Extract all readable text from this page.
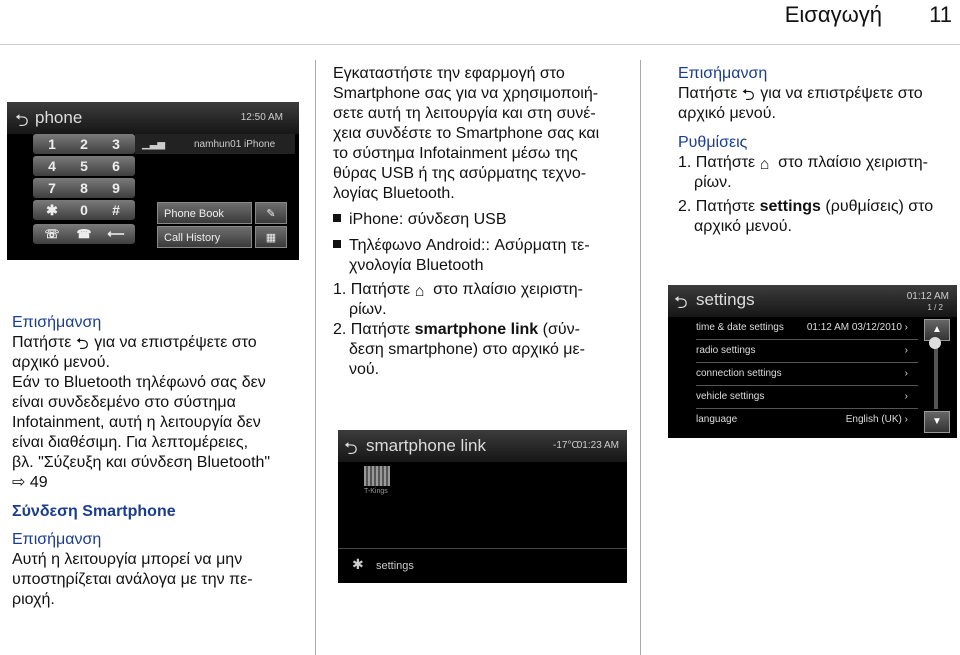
Εισαγωγή 11
⮌ phone	12:50 AM
1	2	3
4	5	6
7	8	9
✱	0	#
☏	☎	⟵
▁▃▅	namhun01 iPhone
Phone Book	✎
Call History	▦

Επισήμανση

Πατήστε ⮌ για να επιστρέψετε στο

αρχικό μενού.

Εάν το Bluetooth τηλέφωνό σας δεν

είναι συνδεδεμένο στο σύστημα

Infotainment, αυτή η λειτουργία δεν

είναι διαθέσιμη. Για λεπτομέρειες,

βλ. "Σύζευξη και σύνδεση Bluetooth"

⇨ 49

Σύνδεση Smartphone

Επισήμανση

Αυτή η λειτουργία μπορεί να μην

υποστηρίζεται ανάλογα με την πε-

ριοχή.

Εγκαταστήστε την εφαρμογή στο

Smartphone σας για να χρησιμοποιή-

σετε αυτή τη λειτουργία και στη συνέ-

χεια συνδέστε το Smartphone σας και

το σύστημα Infotainment μέσω της

θύρας USB ή της ασύρματης τεχνο-

λογίας Bluetooth.

iPhone: σύνδεση USB

Τηλέφωνο Android:: Ασύρματη τε-

χνολογία Bluetooth

1. Πατήστε ⌂ στο πλαίσιο χειριστη-

ρίων.

2. Πατήστε smartphone link (σύν-

δεση smartphone) στο αρχικό με-

νού.

⮌ smartphone link	-17°C
01:23 AM
T-Kings
✱ settings

Επισήμανση

Πατήστε ⮌ για να επιστρέψετε στο

αρχικό μενού.

Ρυθμίσεις

1. Πατήστε ⌂ στο πλαίσιο χειριστη-

ρίων.

2. Πατήστε settings (ρυθμίσεις) στο

αρχικό μενού.

⮌ settings	01:12 AM
1 / 2
time & date settings 01:12 AM 03/12/2010 ›
radio settings	›
connection settings	›
vehicle settings	›
language	English (UK) ›
▲
▼
